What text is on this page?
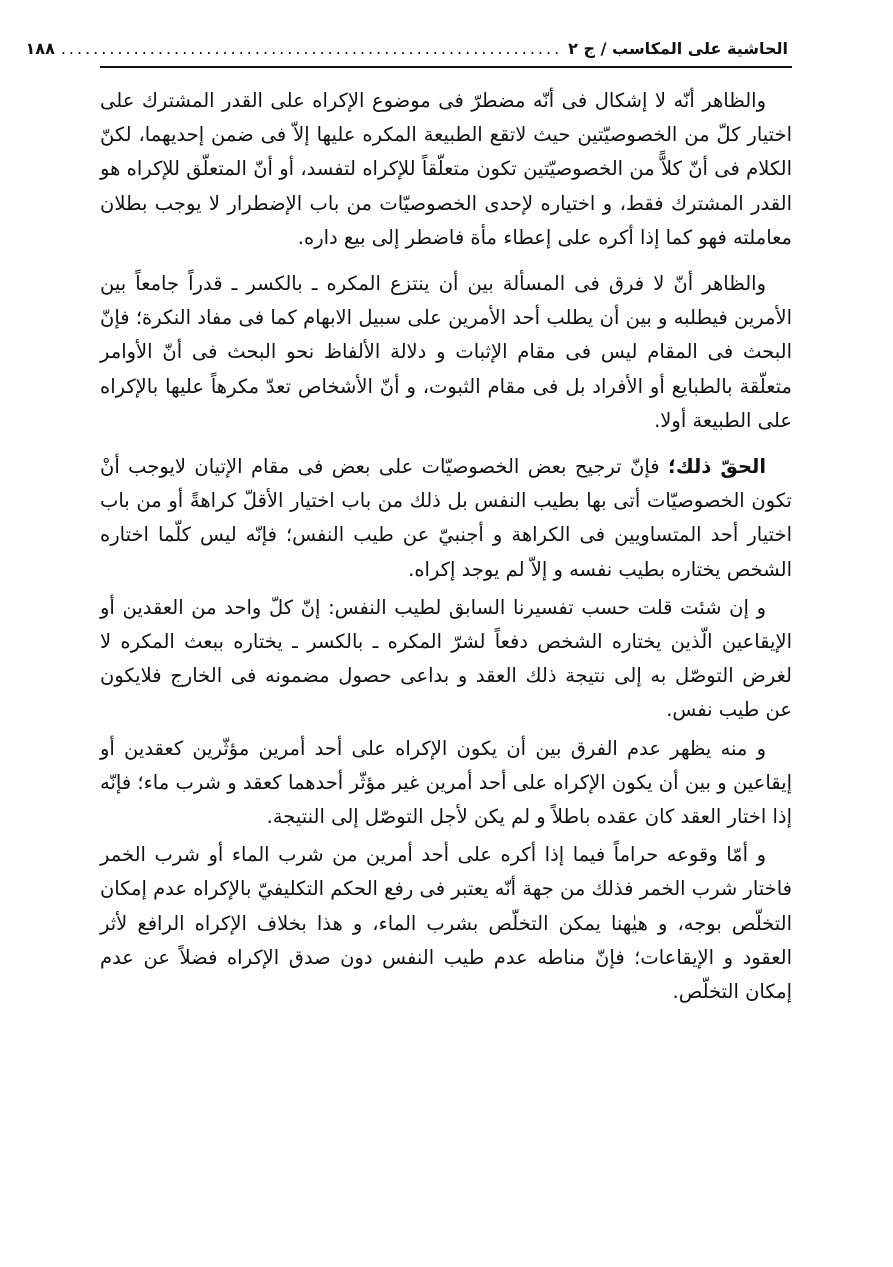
الحاشية على المكاسب / ج ٢
..............................................................
١٨٨

والظاهر أنّه لا إشكال فى أنّه مضطرّ فى موضوع الإكراه على القدر المشترك على اختيار كلّ من الخصوصيّتين حيث لاتقع الطبيعة المكره عليها إلاّ فى ضمن إحديهما، لكنّ الكلام فى أنّ كلاًّ من الخصوصيّتين تكون متعلّقاً للإكراه لتفسد، أو أنّ المتعلّق للإكراه هو القدر المشترك فقط، و اختياره لإحدى الخصوصيّات من باب الإضطرار لا يوجب بطلان معاملته فهو كما إذا أكره على إعطاء مأة فاضطر إلى بيع داره.

والظاهر أنّ لا فرق فى المسألة بين أن ينتزع المكره ـ بالكسر ـ قدراً جامعاً بين الأمرين فيطلبه و بين أن يطلب أحد الأمرين على سبيل الابهام كما فى مفاد النكرة؛ فإنّ البحث فى المقام ليس فى مقام الإثبات و دلالة الألفاظ نحو البحث فى أنّ الأوامر متعلّقة بالطبايع أو الأفراد بل فى مقام الثبوت، و أنّ الأشخاص تعدّ مكرهاً عليها بالإكراه على الطبيعة أولا.

الحقّ ذلك؛ فإنّ ترجيح بعض الخصوصيّات على بعض فى مقام الإتيان لايوجب أنْ تكون الخصوصيّات أتى بها بطيب النفس بل ذلك من باب اختيار الأقلّ كراهةً أو من باب اختيار أحد المتساويين فى الكراهة و أجنبيّ عن طيب النفس؛ فإنّه ليس كلّما اختاره الشخص يختاره بطيب نفسه و إلاّ لم يوجد إكراه.

و إن شئت قلت حسب تفسيرنا السابق لطيب النفس: إنّ كلّ واحد من العقدين أو الإيقاعين الّذين يختاره الشخص دفعاً لشرّ المكره ـ بالكسر ـ يختاره ببعث المكره لا لغرض التوصّل به إلى نتيجة ذلك العقد و بداعى حصول مضمونه فى الخارج فلايكون عن طيب نفس.

و منه يظهر عدم الفرق بين أن يكون الإكراه على أحد أمرين مؤثّرين كعقدين أو إيقاعين و بين أن يكون الإكراه على أحد أمرين غير مؤثّر أحدهما كعقد و شرب ماء؛ فإنّه إذا اختار العقد كان عقده باطلاً و لم يكن لأجل التوصّل إلى النتيجة.

و أمّا وقوعه حراماً فيما إذا أكره على أحد أمرين من شرب الماء أو شرب الخمر فاختار شرب الخمر فذلك من جهة أنّه يعتبر فى رفع الحكم التكليفيّ بالإكراه عدم إمكان التخلّص بوجه، و هيٰهنا يمكن التخلّص بشرب الماء، و هذا بخلاف الإكراه الرافع لأثر العقود و الإيقاعات؛ فإنّ مناطه عدم طيب النفس دون صدق الإكراه فضلاً عن عدم إمكان التخلّص.
